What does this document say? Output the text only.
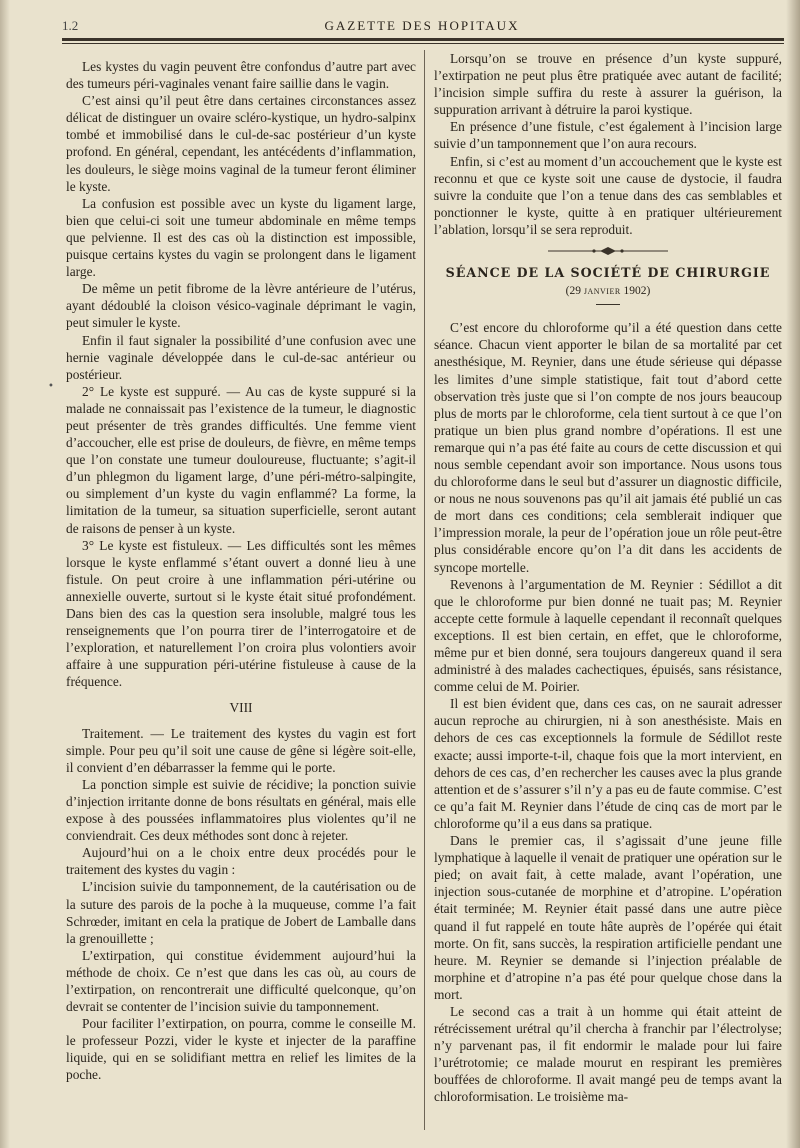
1.2	GAZETTE DES HOPITAUX
•

Les kystes du vagin peuvent être confondus d’autre part avec des tumeurs péri-vaginales venant faire saillie dans le vagin.

C’est ainsi qu’il peut être dans certaines circonstances assez délicat de distinguer un ovaire scléro-kystique, un hydro-salpinx tombé et immobilisé dans le cul-de-sac postérieur d’un kyste profond. En général, cependant, les antécédents d’inflammation, les douleurs, le siège moins vaginal de la tumeur feront éliminer le kyste.

La confusion est possible avec un kyste du ligament large, bien que celui-ci soit une tumeur abdominale en même temps que pelvienne. Il est des cas où la distinction est impossible, puisque certains kystes du vagin se prolongent dans le ligament large.

De même un petit fibrome de la lèvre antérieure de l’utérus, ayant dédoublé la cloison vésico-vaginale déprimant le vagin, peut simuler le kyste.

Enfin il faut signaler la possibilité d’une confusion avec une hernie vaginale développée dans le cul-de-sac antérieur ou postérieur.

2° Le kyste est suppuré. — Au cas de kyste suppuré si la malade ne connaissait pas l’existence de la tumeur, le diagnostic peut présenter de très grandes difficultés. Une femme vient d’accoucher, elle est prise de douleurs, de fièvre, en même temps que l’on constate une tumeur douloureuse, fluctuante; s’agit-il d’un phlegmon du ligament large, d’une péri-métro-salpingite, ou simplement d’un kyste du vagin enflammé? La forme, la limitation de la tumeur, sa situation superficielle, seront autant de raisons de penser à un kyste.

3° Le kyste est fistuleux. — Les difficultés sont les mêmes lorsque le kyste enflammé s’étant ouvert a donné lieu à une fistule. On peut croire à une inflammation péri-utérine ou annexielle ouverte, surtout si le kyste était situé profondément. Dans bien des cas la question sera insoluble, malgré tous les renseignements que l’on pourra tirer de l’interrogatoire et de l’exploration, et naturellement l’on croira plus volontiers avoir affaire à une suppuration péri-utérine fistuleuse à cause de la fréquence.

VIII

Traitement. — Le traitement des kystes du vagin est fort simple. Pour peu qu’il soit une cause de gêne si légère soit-elle, il convient d’en débarrasser la femme qui le porte.

La ponction simple est suivie de récidive; la ponction suivie d’injection irritante donne de bons résultats en général, mais elle expose à des poussées inflammatoires plus violentes qu’il ne conviendrait. Ces deux méthodes sont donc à rejeter.

Aujourd’hui on a le choix entre deux procédés pour le traitement des kystes du vagin :

L’incision suivie du tamponnement, de la cautérisation ou de la suture des parois de la poche à la muqueuse, comme l’a fait Schrœder, imitant en cela la pratique de Jobert de Lamballe dans la grenouillette ;

L’extirpation, qui constitue évidemment aujourd’hui la méthode de choix. Ce n’est que dans les cas où, au cours de l’extirpation, on rencontrerait une difficulté quelconque, qu’on devrait se contenter de l’incision suivie du tamponnement.

Pour faciliter l’extirpation, on pourra, comme le conseille M. le professeur Pozzi, vider le kyste et injecter de la paraffine liquide, qui en se solidifiant mettra en relief les limites de la poche.

Lorsqu’on se trouve en présence d’un kyste suppuré, l’extirpation ne peut plus être pratiquée avec autant de facilité; l’incision simple suffira du reste à assurer la guérison, la suppuration arrivant à détruire la paroi kystique.

En présence d’une fistule, c’est également à l’incision large suivie d’un tamponnement que l’on aura recours.

Enfin, si c’est au moment d’un accouchement que le kyste est reconnu et que ce kyste soit une cause de dystocie, il faudra suivre la conduite que l’on a tenue dans des cas semblables et ponctionner le kyste, quitte à en pratiquer ultérieurement l’ablation, lorsqu’il se sera reproduit.

SÉANCE DE LA SOCIÉTÉ DE CHIRURGIE
(29 janvier 1902)

C’est encore du chloroforme qu’il a été question dans cette séance. Chacun vient apporter le bilan de sa mortalité par cet anesthésique, M. Reynier, dans une étude sérieuse qui dépasse les limites d’une simple statistique, fait tout d’abord cette observation très juste que si l’on compte de nos jours beaucoup plus de morts par le chloroforme, cela tient surtout à ce que l’on pratique un bien plus grand nombre d’opérations. Il est une remarque qui n’a pas été faite au cours de cette discussion et qui nous semble cependant avoir son importance. Nous usons tous du chloroforme dans le seul but d’assurer un diagnostic difficile, or nous ne nous souvenons pas qu’il ait jamais été publié un cas de mort dans ces conditions; cela semblerait indiquer que l’impression morale, la peur de l’opération joue un rôle peut-être plus considérable encore qu’on l’a dit dans les accidents de syncope mortelle.

Revenons à l’argumentation de M. Reynier : Sédillot a dit que le chloroforme pur bien donné ne tuait pas; M. Reynier accepte cette formule à laquelle cependant il reconnaît quelques exceptions. Il est bien certain, en effet, que le chloroforme, même pur et bien donné, sera toujours dangereux quand il sera administré à des malades cachectiques, épuisés, sans résistance, comme celui de M. Poirier.

Il est bien évident que, dans ces cas, on ne saurait adresser aucun reproche au chirurgien, ni à son anesthésiste. Mais en dehors de ces cas exceptionnels la formule de Sédillot reste exacte; aussi importe-t-il, chaque fois que la mort intervient, en dehors de ces cas, d’en rechercher les causes avec la plus grande attention et de s’assurer s’il n’y a pas eu de faute commise. C’est ce qu’a fait M. Reynier dans l’étude de cinq cas de mort par le chloroforme qu’il a eus dans sa pratique.

Dans le premier cas, il s’agissait d’une jeune fille lymphatique à laquelle il venait de pratiquer une opération sur le pied; on avait fait, à cette malade, avant l’opération, une injection sous-cutanée de morphine et d’atropine. L’opération était terminée; M. Reynier était passé dans une autre pièce quand il fut rappelé en toute hâte auprès de l’opérée qui était morte. On fit, sans succès, la respiration artificielle pendant une heure. M. Reynier se demande si l’injection préalable de morphine et d’atropine n’a pas été pour quelque chose dans la mort.

Le second cas a trait à un homme qui était atteint de rétrécissement urétral qu’il chercha à franchir par l’électrolyse; n’y parvenant pas, il fit endormir le malade pour lui faire l’urétrotomie; ce malade mourut en respirant les premières bouffées de chloroforme. Il avait mangé peu de temps avant la chloroformisation. Le troisième ma-
